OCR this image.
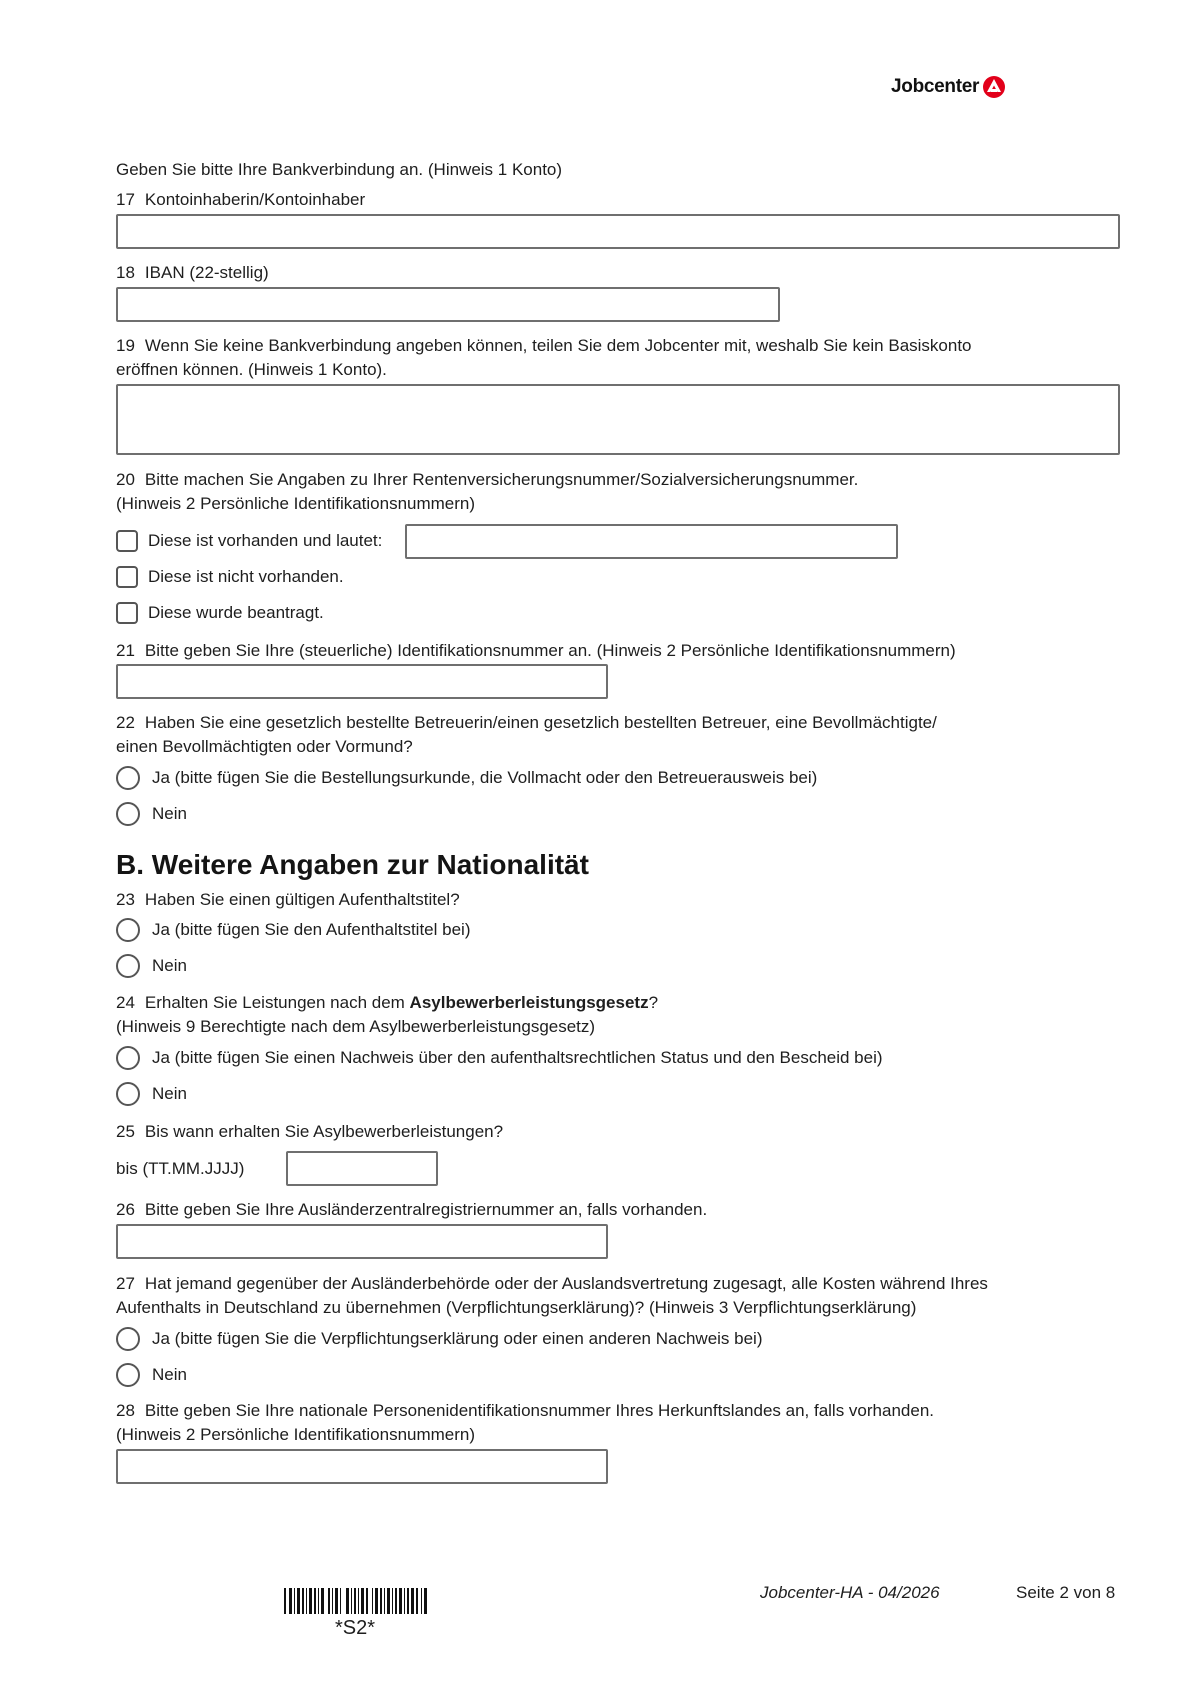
Jobcenter
Geben Sie bitte Ihre Bankverbindung an. (Hinweis 1 Konto)
17 Kontoinhaberin/Kontoinhaber
18 IBAN (22-stellig)
19 Wenn Sie keine Bankverbindung angeben können, teilen Sie dem Jobcenter mit, weshalb Sie kein Basiskonto
eröffnen können. (Hinweis 1 Konto).
20 Bitte machen Sie Angaben zu Ihrer Rentenversicherungsnummer/Sozialversicherungsnummer.
(Hinweis 2 Persönliche Identifikationsnummern)
Diese ist vorhanden und lautet:
Diese ist nicht vorhanden.
Diese wurde beantragt.
21 Bitte geben Sie Ihre (steuerliche) Identifikationsnummer an. (Hinweis 2 Persönliche Identifikationsnummern)
22 Haben Sie eine gesetzlich bestellte Betreuerin/einen gesetzlich bestellten Betreuer, eine Bevollmächtigte/
einen Bevollmächtigten oder Vormund?
Ja (bitte fügen Sie die Bestellungsurkunde, die Vollmacht oder den Betreuerausweis bei)
Nein
B. Weitere Angaben zur Nationalität
23 Haben Sie einen gültigen Aufenthaltstitel?
Ja (bitte fügen Sie den Aufenthaltstitel bei)
Nein
24 Erhalten Sie Leistungen nach dem Asylbewerberleistungsgesetz?
(Hinweis 9 Berechtigte nach dem Asylbewerberleistungsgesetz)
Ja (bitte fügen Sie einen Nachweis über den aufenthaltsrechtlichen Status und den Bescheid bei)
Nein
25 Bis wann erhalten Sie Asylbewerberleistungen?
bis (TT.MM.JJJJ)
26 Bitte geben Sie Ihre Ausländerzentralregistriernummer an, falls vorhanden.
27 Hat jemand gegenüber der Ausländerbehörde oder der Auslandsvertretung zugesagt, alle Kosten während Ihres
Aufenthalts in Deutschland zu übernehmen (Verpflichtungserklärung)? (Hinweis 3 Verpflichtungserklärung)
Ja (bitte fügen Sie die Verpflichtungserklärung oder einen anderen Nachweis bei)
Nein
28 Bitte geben Sie Ihre nationale Personenidentifikationsnummer Ihres Herkunftslandes an, falls vorhanden.
(Hinweis 2 Persönliche Identifikationsnummern)
*S2*
Jobcenter-HA - 04/2026	Seite 2 von 8
